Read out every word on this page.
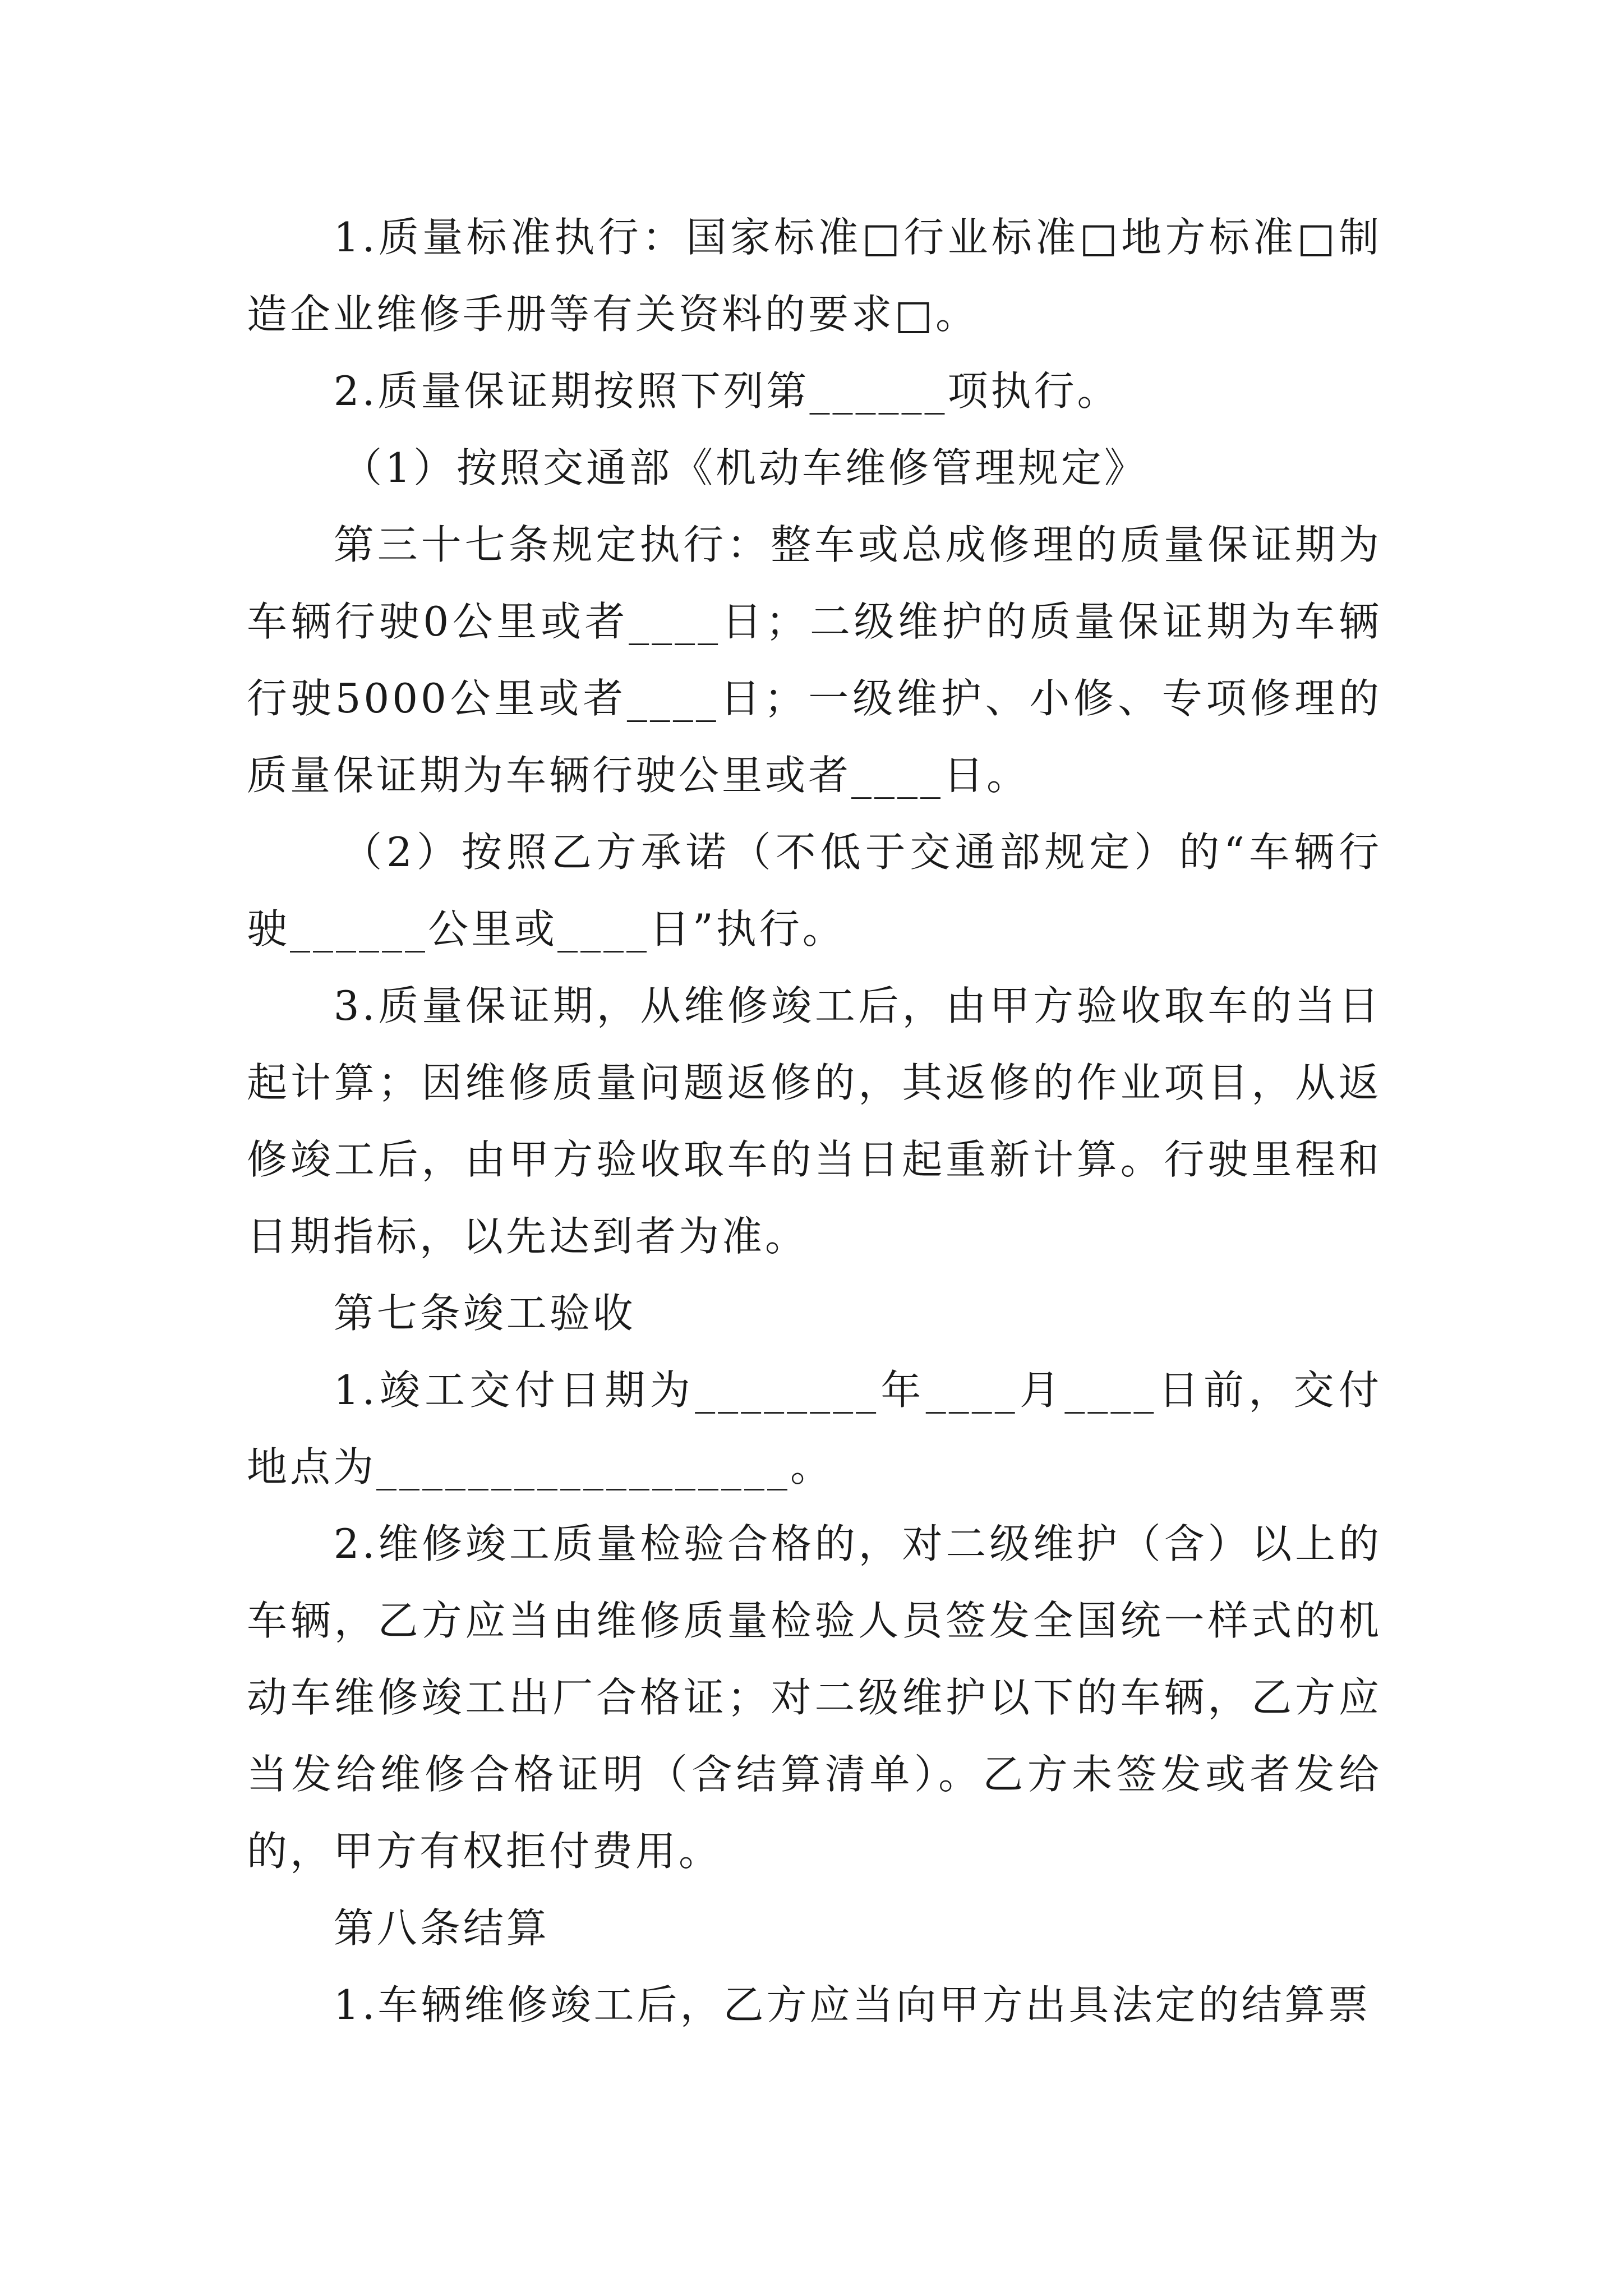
1.质量标准执行：国家标准□行业标准□地方标准□制造企业维修手册等有关资料的要求□。

2.质量保证期按照下列第______项执行。

（1）按照交通部《机动车维修管理规定》

第三十七条规定执行：整车或总成修理的质量保证期为车辆行驶0公里或者____日；二级维护的质量保证期为车辆行驶5000公里或者____日；一级维护、小修、专项修理的质量保证期为车辆行驶公里或者____日。

（2）按照乙方承诺（不低于交通部规定）的“车辆行驶______公里或____日”执行。

3.质量保证期，从维修竣工后，由甲方验收取车的当日起计算；因维修质量问题返修的，其返修的作业项目，从返修竣工后，由甲方验收取车的当日起重新计算。行驶里程和日期指标，以先达到者为准。

第七条竣工验收

1.竣工交付日期为________年____月____日前，交付地点为__________________。

2.维修竣工质量检验合格的，对二级维护（含）以上的车辆，乙方应当由维修质量检验人员签发全国统一样式的机动车维修竣工出厂合格证；对二级维护以下的车辆，乙方应当发给维修合格证明（含结算清单）。乙方未签发或者发给的，甲方有权拒付费用。

第八条结算

1.车辆维修竣工后，乙方应当向甲方出具法定的结算票
